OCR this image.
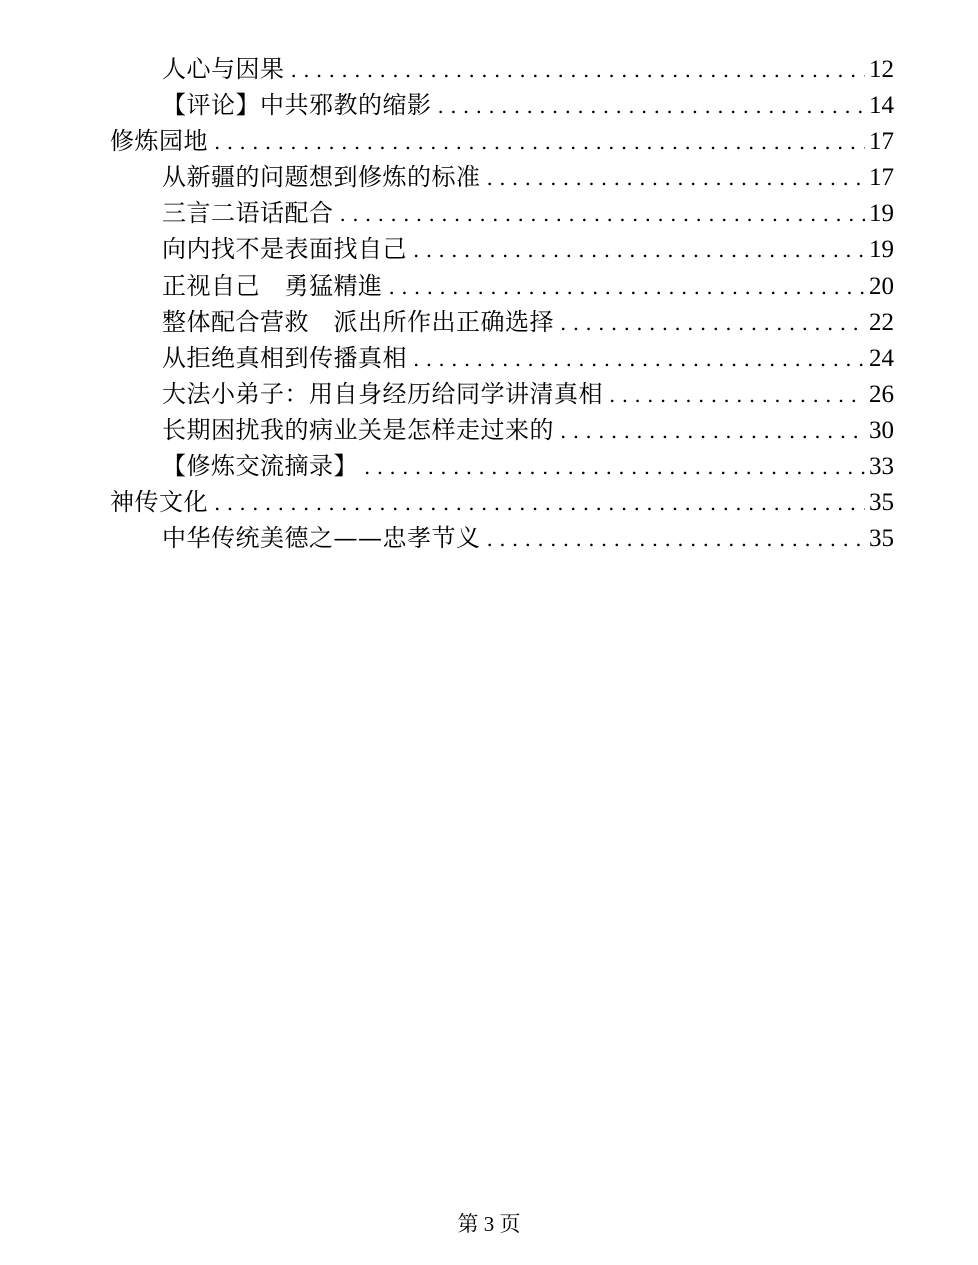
人心与因果 . . .	12
【评论】中共邪教的缩影 . . .	14
修炼园地 . . .	17
从新疆的问题想到修炼的标准 . . .	17
三言二语话配合 . . .	19
向内找不是表面找自己 . . .	19
正视自己　勇猛精進 . . .	20
整体配合营救　派出所作出正确选择 . . .	22
从拒绝真相到传播真相 . . .	24
大法小弟子：用自身经历给同学讲清真相 . . .	26
长期困扰我的病业关是怎样走过来的 . . .	30
【修炼交流摘录】 . . .	33
神传文化 . . .	35
中华传统美德之——忠孝节义 . . .	35
第 3 页
